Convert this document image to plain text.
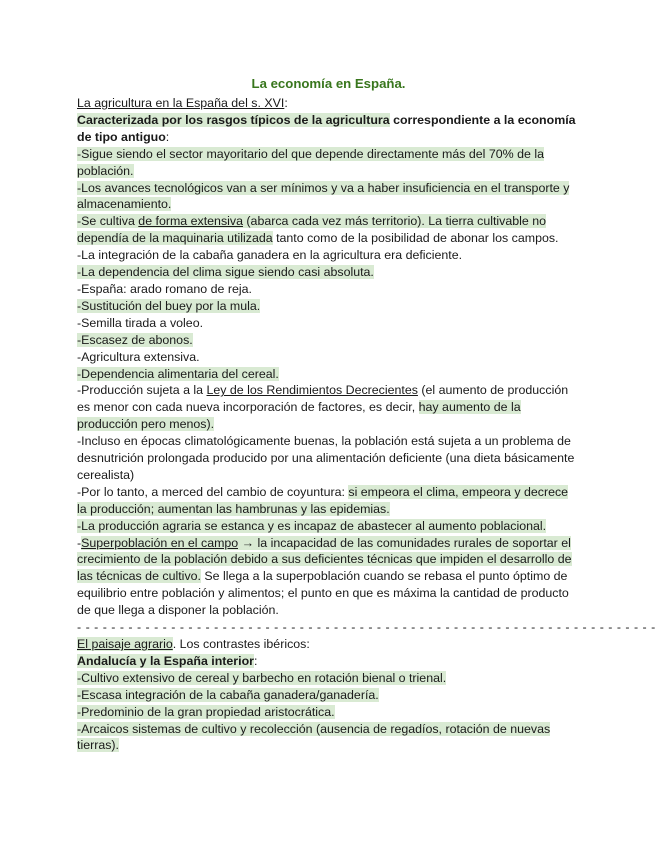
La economía en España.

La agricultura en la España del s. XVI:

Caracterizada por los rasgos típicos de la agricultura correspondiente a la economía de tipo antiguo:

-Sigue siendo el sector mayoritario del que depende directamente más del 70% de la población.

-Los avances tecnológicos van a ser mínimos y va a haber insuficiencia en el transporte y almacenamiento.

-Se cultiva de forma extensiva (abarca cada vez más territorio). La tierra cultivable no dependía de la maquinaria utilizada tanto como de la posibilidad de abonar los campos.

-La integración de la cabaña ganadera en la agricultura era deficiente.

-La dependencia del clima sigue siendo casi absoluta.

-España: arado romano de reja.

-Sustitución del buey por la mula.

-Semilla tirada a voleo.

-Escasez de abonos.

-Agricultura extensiva.

-Dependencia alimentaria del cereal.

-Producción sujeta a la Ley de los Rendimientos Decrecientes (el aumento de producción es menor con cada nueva incorporación de factores, es decir, hay aumento de la producción pero menos).

-Incluso en épocas climatológicamente buenas, la población está sujeta a un problema de desnutrición prolongada producido por una alimentación deficiente (una dieta básicamente cerealista)

-Por lo tanto, a merced del cambio de coyuntura: si empeora el clima, empeora y decrece la producción; aumentan las hambrunas y las epidemias.

-La producción agraria se estanca y es incapaz de abastecer al aumento poblacional.

-Superpoblación en el campo → la incapacidad de las comunidades rurales de soportar el crecimiento de la población debido a sus deficientes técnicas que impiden el desarrollo de las técnicas de cultivo. Se llega a la superpoblación cuando se rebasa el punto óptimo de equilibrio entre población y alimentos; el punto en que es máxima la cantidad de producto de que llega a disponer la población.

- - - - - - - - - - - - - - - - - - - - - - - - - - - - - - - - - - - - - - - - - - - - - - - - - - - - - - - - - - - - - - - - - - - -

El paisaje agrario. Los contrastes ibéricos:

Andalucía y la España interior:

-Cultivo extensivo de cereal y barbecho en rotación bienal o trienal.

-Escasa integración de la cabaña ganadera/ganadería.

-Predominio de la gran propiedad aristocrática.

-Arcaicos sistemas de cultivo y recolección (ausencia de regadíos, rotación de nuevas tierras).
